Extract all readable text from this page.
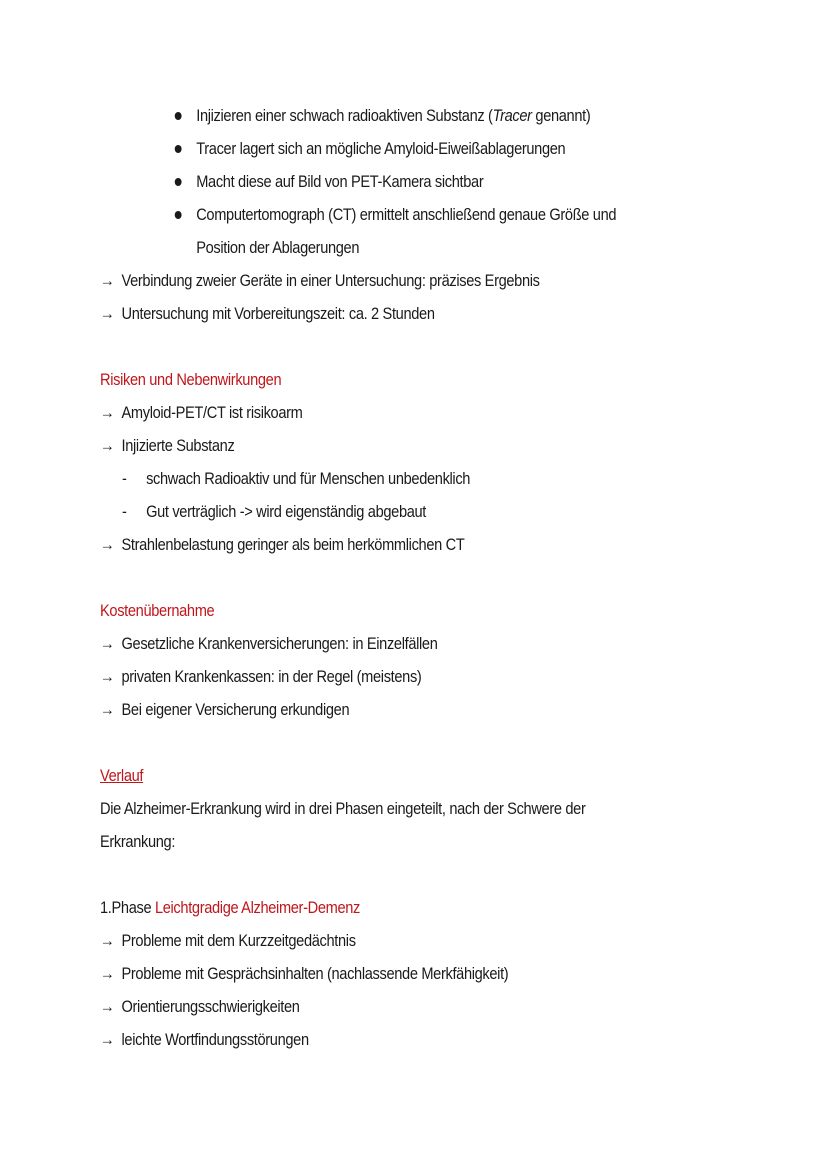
Injizieren einer schwach radioaktiven Substanz (Tracer genannt)
Tracer lagert sich an mögliche Amyloid-Eiweißablagerungen
Macht diese auf Bild von PET-Kamera sichtbar
Computertomograph (CT) ermittelt anschließend genaue Größe und
Position der Ablagerungen
→ Verbindung zweier Geräte in einer Untersuchung: präzises Ergebnis
→ Untersuchung mit Vorbereitungszeit: ca. 2 Stunden
Risiken und Nebenwirkungen
→ Amyloid-PET/CT ist risikoarm
→ Injizierte Substanz
- schwach Radioaktiv und für Menschen unbedenklich
- Gut verträglich -> wird eigenständig abgebaut
→ Strahlenbelastung geringer als beim herkömmlichen CT
Kostenübernahme
→ Gesetzliche Krankenversicherungen: in Einzelfällen
→ privaten Krankenkassen: in der Regel (meistens)
→ Bei eigener Versicherung erkundigen
Verlauf
Die Alzheimer-Erkrankung wird in drei Phasen eingeteilt, nach der Schwere der
Erkrankung:
1.Phase Leichtgradige Alzheimer-Demenz
→ Probleme mit dem Kurzzeitgedächtnis
→ Probleme mit Gesprächsinhalten (nachlassende Merkfähigkeit)
→ Orientierungsschwierigkeiten
→ leichte Wortfindungsstörungen
